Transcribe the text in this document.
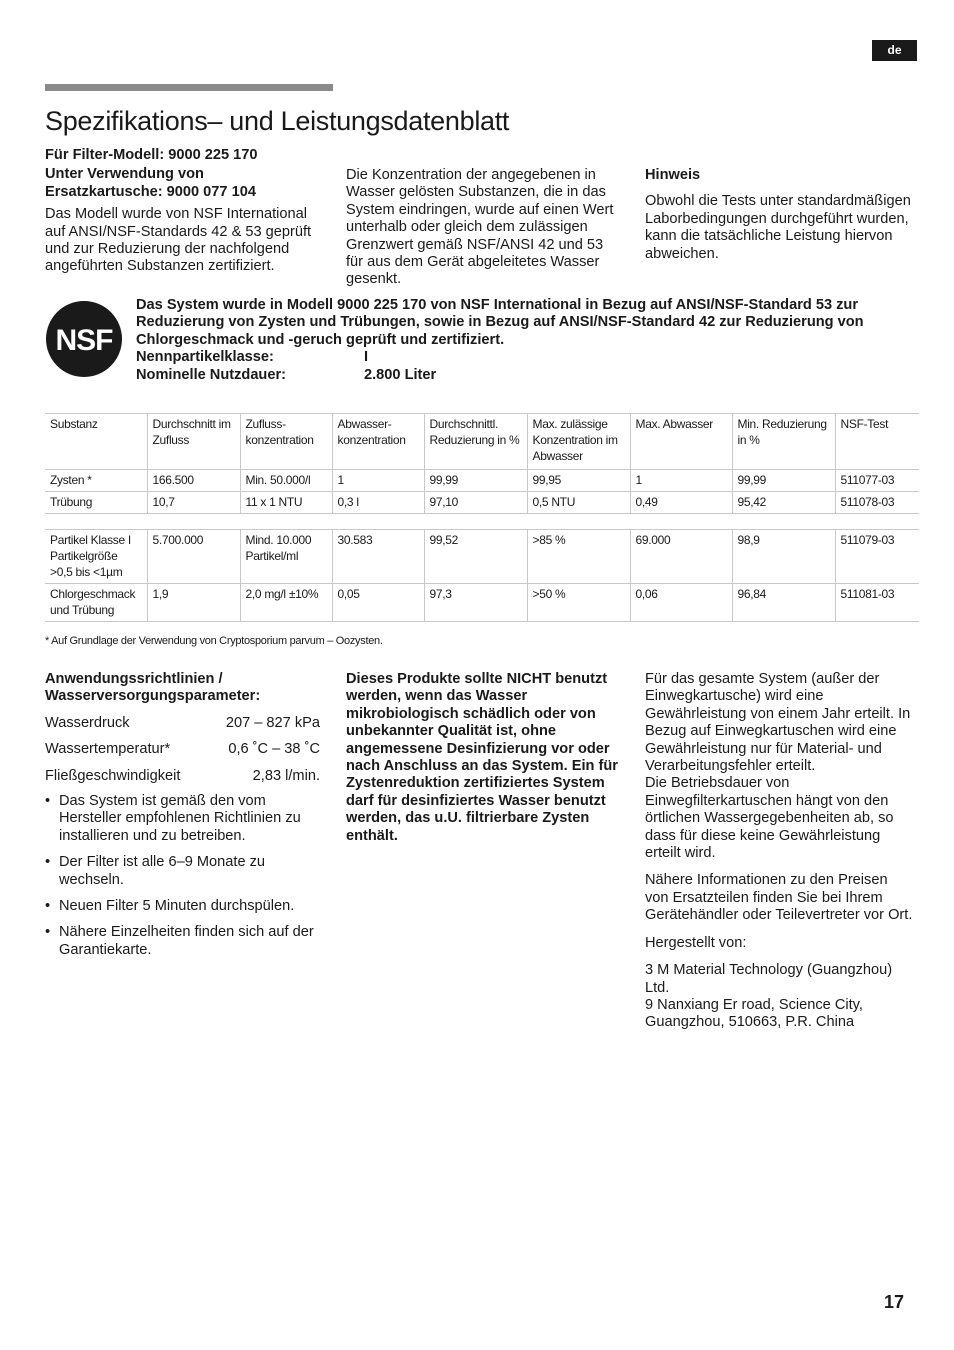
de
Spezifikations– und Leistungsdatenblatt
Für Filter-Modell: 9000 225 170
Unter Verwendung von Ersatzkartusche: 9000 077 104
Das Modell wurde von NSF International auf ANSI/NSF-Standards 42 & 53 geprüft und zur Reduzierung der nachfolgend angeführten Substanzen zertifiziert.
Die Konzentration der angegebenen in Wasser gelösten Substanzen, die in das System eindringen, wurde auf einen Wert unterhalb oder gleich dem zulässigen Grenzwert gemäß NSF/ANSI 42 und 53 für aus dem Gerät abgeleitetes Wasser gesenkt.
Hinweis
Obwohl die Tests unter standardmäßigen Laborbedingungen durchgeführt wurden, kann die tatsächliche Leistung hiervon abweichen.
NSF
Das System wurde in Modell 9000 225 170 von NSF International in Bezug auf ANSI/NSF-Standard 53 zur Reduzierung von Zysten und Trübungen, sowie in Bezug auf ANSI/NSF-Standard 42 zur Reduzierung von Chlorgeschmack und -geruch geprüft und zertifiziert.
Nennpartikelklasse:	I
Nominelle Nutzdauer:	2.800 Liter
Substanz	Durchschnitt im Zufluss	Zufluss-konzentration	Abwasser-konzentration	Durchschnittl. Reduzierung in %	Max. zulässige Konzentration im Abwasser	Max. Abwasser	Min. Reduzierung in %	NSF-Test
Zysten *	166.500	Min. 50.000/l	1	99,99	99,95	1	99,99	511077-03
Trübung	10,7	11 x 1 NTU	0,3 l	97,10	0,5 NTU	0,49	95,42	511078-03

Partikel Klasse I Partikelgröße >0,5 bis <1µm	5.700.000	Mind. 10.000 Partikel/ml	30.583	99,52	>85 %	69.000	98,9	511079-03
Chlorgeschmack und Trübung	1,9	2,0 mg/l ±10%	0,05	97,3	>50 %	0,06	96,84	511081-03
* Auf Grundlage der Verwendung von Cryptosporium parvum – Oozysten.
Anwendungssrichtlinien / Wasserversorgungsparameter:
Wasserdruck	207 – 827 kPa
Wassertemperatur*	0,6 ˚C – 38 ˚C
Fließgeschwindigkeit	2,83 l/min.
• Das System ist gemäß den vom Hersteller empfohlenen Richtlinien zu installieren und zu betreiben.
• Der Filter ist alle 6–9 Monate zu wechseln.
• Neuen Filter 5 Minuten durchspülen.
• Nähere Einzelheiten finden sich auf der Garantiekarte.
Dieses Produkte sollte NICHT benutzt werden, wenn das Wasser mikrobiologisch schädlich oder von unbekannter Qualität ist, ohne angemessene Desinfizierung vor oder nach Anschluss an das System. Ein für Zystenreduktion zertifiziertes System darf für desinfiziertes Wasser benutzt werden, das u.U. filtrierbare Zysten enthält.
Für das gesamte System (außer der Einwegkartusche) wird eine Gewährleistung von einem Jahr erteilt. In Bezug auf Einwegkartuschen wird eine Gewährleistung nur für Material- und Verarbeitungsfehler erteilt.
Die Betriebsdauer von Einwegfilterkartuschen hängt von den örtlichen Wassergegebenheiten ab, so dass für diese keine Gewährleistung erteilt wird.
Nähere Informationen zu den Preisen von Ersatzteilen finden Sie bei Ihrem Gerätehändler oder Teilevertreter vor Ort.
Hergestellt von:
3 M Material Technology (Guangzhou) Ltd.
9 Nanxiang Er road, Science City, Guangzhou, 510663, P.R. China
17
